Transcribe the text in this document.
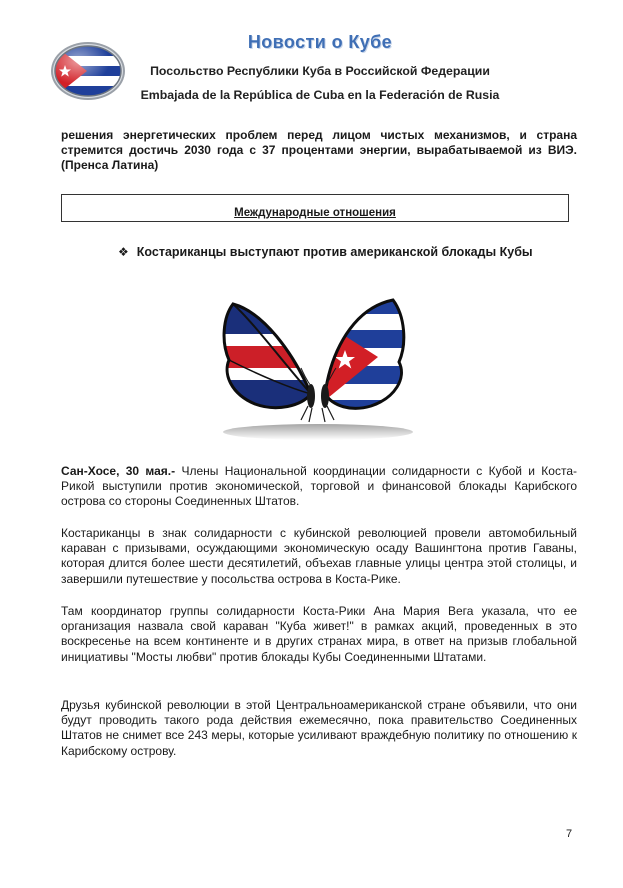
Новости о Кубе
Посольство Республики Куба в Российской Федерации
Embajada de la República de Cuba en la Federación de Rusia

решения энергетических проблем перед лицом чистых механизмов, и страна стремится достичь 2030 года с 37 процентами энергии, вырабатываемой из ВИЭ. (Пренса Латина)

Международные отношения
❖ Костариканцы выступают против американской блокады Кубы

Сан-Хосе, 30 мая.- Члены Национальной координации солидарности с Кубой и Коста-Рикой выступили против экономической, торговой и финансовой блокады Карибского острова со стороны Соединенных Штатов.

Костариканцы в знак солидарности с кубинской революцией провели автомобильный караван с призывами, осуждающими экономическую осаду Вашингтона против Гаваны, которая длится более шести десятилетий, объехав главные улицы центра этой столицы, и завершили путешествие у посольства острова в Коста-Рике.

Там координатор группы солидарности Коста-Рики Ана Мария Вега указала, что ее организация назвала свой караван "Куба живет!" в рамках акций, проведенных в это воскресенье на всем континенте и в других странах мира, в ответ на призыв глобальной инициативы "Мосты любви" против блокады Кубы Соединенными Штатами.

Друзья кубинской революции в этой Центральноамериканской стране объявили, что они будут проводить такого рода действия ежемесячно, пока правительство Соединенных Штатов не снимет все 243 меры, которые усиливают враждебную политику по отношению к Карибскому острову.

7
